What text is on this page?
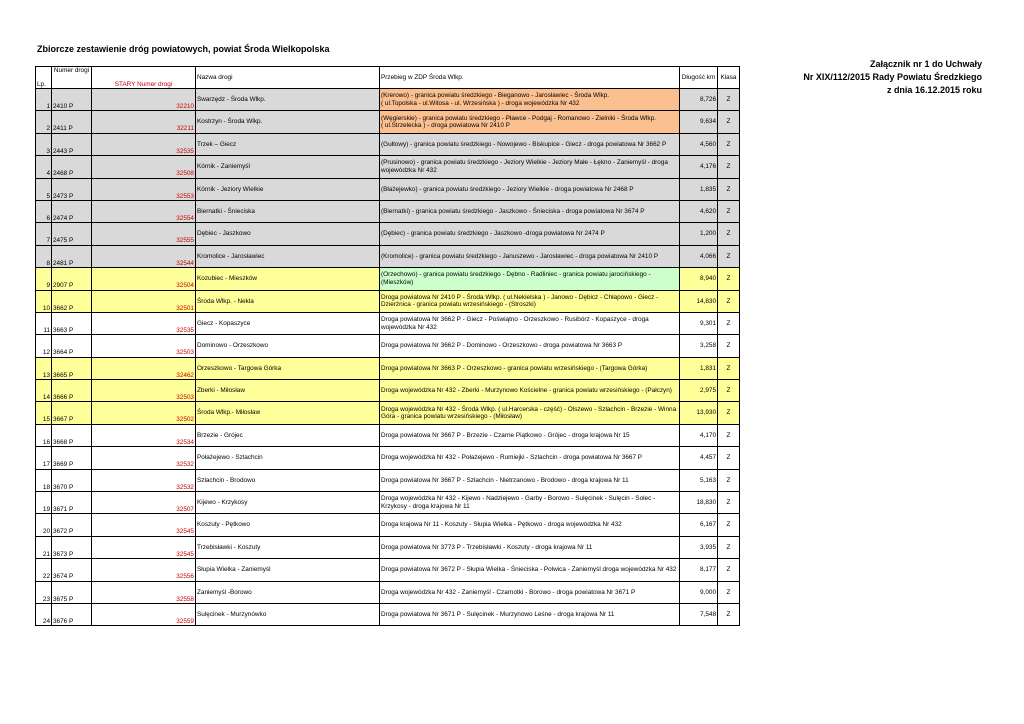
Zbiorcze zestawienie dróg powiatowych, powiat Środa Wielkopolska
Załącznik nr 1 do Uchwały
Nr XIX/112/2015 Rady Powiatu Średzkiego
z dnia 16.12.2015 roku
Lp.	Numer drogi	STARY Numer drogi	Nazwa drogi	Przebieg w ZDP Środa Wlkp.	Długość km	Klasa
1	2410 P	32210	Swarzędz - Środa Wlkp.	(Krerowo) - granica powiatu średzkiego - Bieganowo - Jarosławiec - Środa Wlkp.
( ul.Topolska - ul.Witosa - ul. Wrzesińska ) - droga wojewódzka Nr 432	8,726	Z
2	2411 P	32211	Kostrzyn - Środa Wlkp.	(Węgierskie) - granica powiatu średzkiego - Pławce - Podgaj - Romanowo - Zielniki - Środa Wlkp.
( ul.Strzelecka ) - droga powiatowa Nr 2410 P	9,634	Z
3	2443 P	32535	Trzek – Giecz	(Gułtowy) - granica powiatu średzkiego - Nowojewo - Biskupice - Giecz - droga powiatowa Nr 3662 P	4,560	Z
4	2468 P	32508	Kórnik - Zaniemyśl	(Prusinowo) - granica powiatu średzkiego - Jeziory Wielkie - Jeziory Małe - Łękno - Zaniemyśl - droga wojewódzka Nr 432	4,176	Z
5	2473 P	32553	Kórnik - Jeziory Wielkie	(Błażejewko) - granica powiatu średzkiego - Jeziory Wielkie - droga powiatowa Nr 2468 P	1,835	Z
6	2474 P	32554	Biernatki - Śnieciska	(Biernatki) - granica powiatu średzkiego - Jaszkowo - Śnieciska - droga powiatowa Nr 3674 P	4,620	Z
7	2475 P	32555	Dębiec - Jaszkowo	(Dębiec) - granica powiatu średzkiego - Jaszkowo -droga powiatowa Nr 2474 P	1,200	Z
8	2481 P	32544	Kromolice - Jarosławiec	(Kromolice) - granica powiatu średzkiego - Januszewo - Jarosławiec - droga powiatowa Nr 2410 P	4,066	Z
9	2907 P	32504	Kozubiec - Mieszków	(Orzechowo) - granica powiatu średzkiego - Dębno - Radliniec - granica powiatu jarocińskiego - (Mieszków)	8,940	Z
10	3662 P	32501	Środa Wlkp. - Nekla	Droga powiatowa Nr 2410 P - Środa Wlkp. ( ul.Nekielska ) - Janowo - Dębicz - Chłapowo - Giecz - Dzierżnica - granica powiatu wrzesińskiego - (Stroszki)	14,830	Z
11	3663 P	32535	Giecz - Kopaszyce	Droga powiatowa Nr 3662 P - Giecz - Poświątno - Orzeszkowo - Rusibórz - Kopaszyce - droga wojewódzka Nr 432	9,301	Z
12	3664 P	32503	Dominowo - Orzeszkowo	Droga powiatowa Nr 3662 P - Dominowo - Orzeszkowo - droga powiatowa Nr 3663 P	3,258	Z
13	3665 P	32462	Orzeszkowo - Targowa Górka	Droga powiatowa Nr 3663 P - Orzeszkowo - granica powiatu wrzesińskiego - (Targowa Górka)	1,831	Z
14	3666 P	32503	Zberki - Miłosław	Droga wojewódzka Nr 432 - Zberki - Murzynowo Kościelne - granica powiatu wrzesińskiego - (Pałczyn)	2,975	Z
15	3667 P	32502	Środa Wlkp.- Miłosław	Droga wojewódzka Nr 432 - Środa Wlkp. ( ul.Harcerska - część) - Olszewo - Szlachcin - Brzezie - Winna
Góra - granica powiatu wrzesińskiego - (Miłosław)	13,930	Z
16	3668 P	32534	Brzezie - Grójec	Droga powiatowa Nr 3667 P - Brzezie - Czarne Piątkowo - Grójec - droga krajowa Nr 15	4,170	Z
17	3669 P	32532	Połażejewo - Szlachcin	Droga wojewódzka Nr 432 - Połażejewo - Rumiejki - Szlachcin - droga powiatowa Nr 3667 P	4,457	Z
18	3670 P	32532	Szlachcin - Brodowo	Droga powiatowa Nr 3667 P - Szlachcin - Nietrzanowo - Brodowo - droga krajowa Nr 11	5,163	Z
19	3671 P	32507	Kijewo - Krzykosy	Droga wojewódzka Nr 432 - Kijewo - Nadziejewo - Garby - Borowo - Sulęcinek - Sulęcin - Solec - Krzykosy - droga krajowa Nr 11	18,830	Z
20	3672 P	32545	Koszuty - Pętkowo	Droga krajowa Nr 11 - Koszuty - Słupia Wielka - Pętkowo - droga wojewódzka Nr 432	6,167	Z
21	3673 P	32545	Trzebisławki - Koszuty	Droga powiatowa Nr 3773 P - Trzebisławki - Koszuty - droga krajowa Nr 11	3,935	Z
22	3674 P	32556	Słupia Wielka - Zaniemyśl	Droga powiatowa Nr 3672 P - Słupia Wielka - Śnieciska - Polwica - Zaniemyśl droga wojewódzka Nr 432	8,177	Z
23	3675 P	32558	Zaniemyśl -Borowo	Droga wojewódzka Nr 432 - Zaniemyśl - Czarnotki - Borowo - droga powiatowa Nr 3671 P	9,000	Z
24	3676 P	32559	Sulęcinek - Murzynówko	Droga powiatowa Nr 3671 P - Sulęcinek - Murzynowo Leśne - droga krajowa Nr 11	7,548	Z
